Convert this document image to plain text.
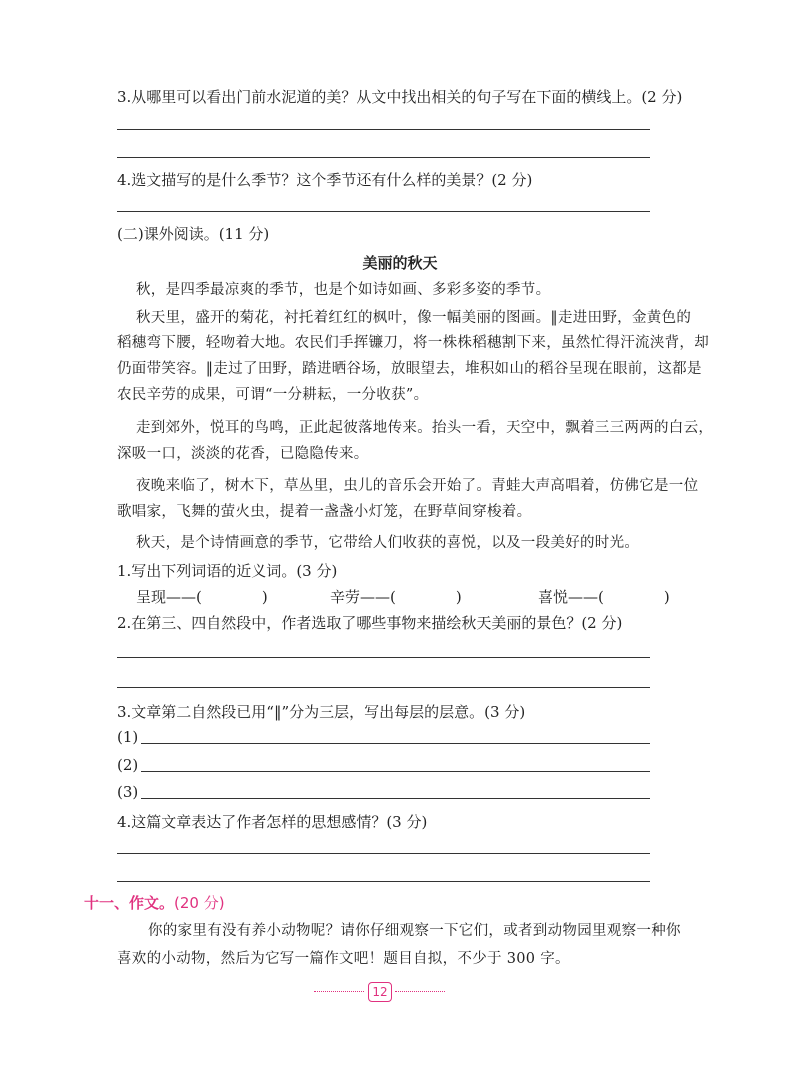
3.从哪里可以看出门前水泥道的美？从文中找出相关的句子写在下面的横线上。(2 分)
4.选文描写的是什么季节？这个季节还有什么样的美景？(2 分)
(二)课外阅读。(11 分)
美丽的秋天
秋，是四季最凉爽的季节，也是个如诗如画、多彩多姿的季节。
秋天里，盛开的菊花，衬托着红红的枫叶，像一幅美丽的图画。‖走进田野，金黄色的
稻穗弯下腰，轻吻着大地。农民们手挥镰刀，将一株株稻穗割下来，虽然忙得汗流浃背，却
仍面带笑容。‖走过了田野，踏进晒谷场，放眼望去，堆积如山的稻谷呈现在眼前，这都是
农民辛劳的成果，可谓“一分耕耘，一分收获”。
走到郊外，悦耳的鸟鸣，正此起彼落地传来。抬头一看，天空中，飘着三三两两的白云，
深吸一口，淡淡的花香，已隐隐传来。
夜晚来临了，树木下，草丛里，虫儿的音乐会开始了。青蛙大声高唱着，仿佛它是一位
歌唱家，飞舞的萤火虫，提着一盏盏小灯笼，在野草间穿梭着。
秋天，是个诗情画意的季节，它带给人们收获的喜悦，以及一段美好的时光。
1.写出下列词语的近义词。(3 分)
呈现——(　　　　)	辛劳——(　　　　)	喜悦——(　　　　)
2.在第三、四自然段中，作者选取了哪些事物来描绘秋天美丽的景色？(2 分)
3.文章第二自然段已用“‖”分为三层，写出每层的层意。(3 分)
(1)
(2)
(3)
4.这篇文章表达了作者怎样的思想感情？(3 分)
十一、作文。(20 分)
你的家里有没有养小动物呢？请你仔细观察一下它们，或者到动物园里观察一种你
喜欢的小动物，然后为它写一篇作文吧！题目自拟，不少于 300 字。
12
